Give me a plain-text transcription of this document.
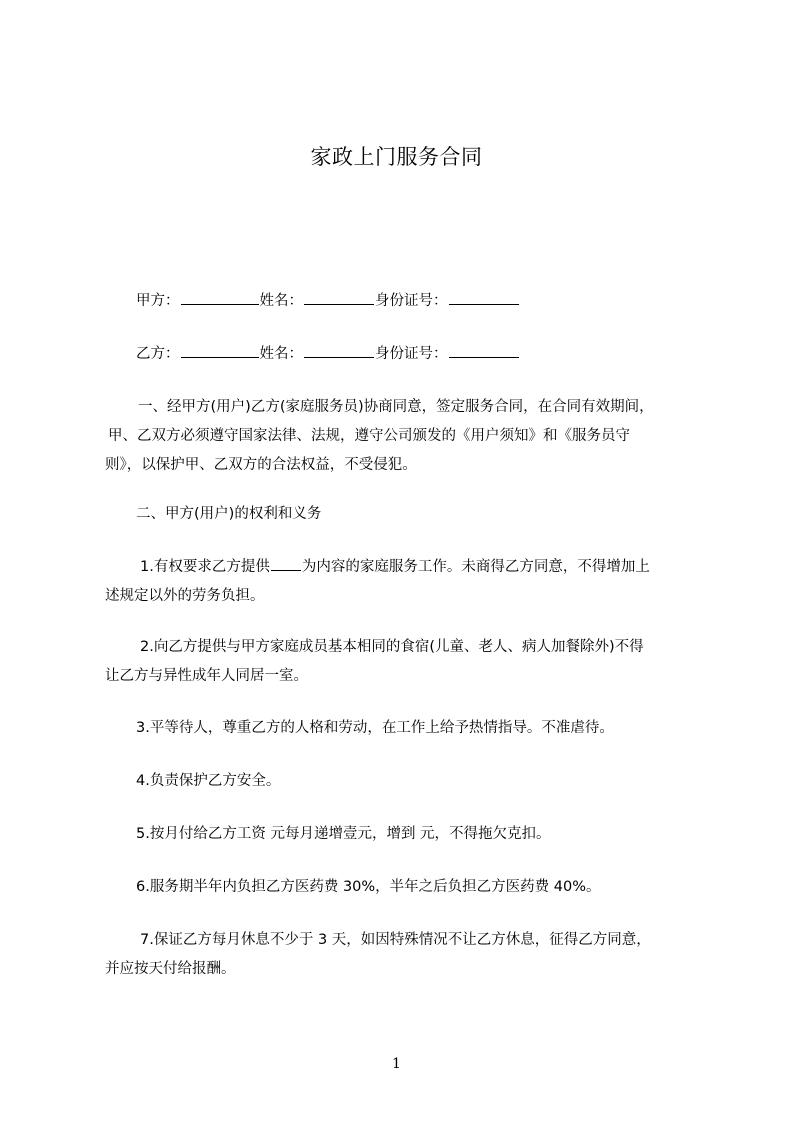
家政上门服务合同
甲方：	姓名：	身份证号：
乙方：	姓名：	身份证号：
一、经甲方(用户)乙方(家庭服务员)协商同意，签定服务合同，在合同有效期间，
甲、乙双方必须遵守国家法律、法规，遵守公司颁发的《用户须知》和《服务员守
则》，以保护甲、乙双方的合法权益，不受侵犯。
二、甲方(用户)的权利和义务
1.有权要求乙方提供 为内容的家庭服务工作。未商得乙方同意，不得增加上
述规定以外的劳务负担。
2.向乙方提供与甲方家庭成员基本相同的食宿(儿童、老人、病人加餐除外)不得
让乙方与异性成年人同居一室。
3.平等待人，尊重乙方的人格和劳动，在工作上给予热情指导。不准虐待。
4.负责保护乙方安全。
5.按月付给乙方工资 元每月递增壹元，增到 元，不得拖欠克扣。
6.服务期半年内负担乙方医药费 30%，半年之后负担乙方医药费 40%。
7.保证乙方每月休息不少于 3 天，如因特殊情况不让乙方休息，征得乙方同意，
并应按天付给报酬。
1
